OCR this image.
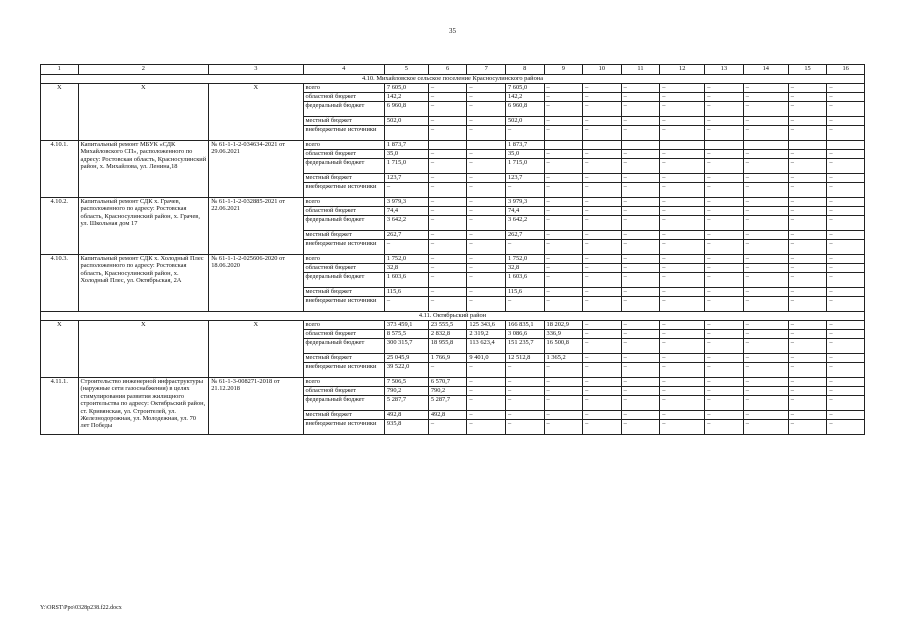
35
1	2	3	4	5	6	7	8	9	10	11	12	13	14	15	16
4.10. Михайловское сельское поселение Красносулинского района															
Х	Х	Х	всего	7 605,0	–	–	7 605,0	–	–	–	–	–	–	–	–
			областной бюджет	142,2	–	–	142,2	–	–	–	–	–	–	–	–
			федеральный бюджет	6 960,8	–	–	6 960,8	–	–	–	–	–	–	–	–
			местный бюджет	502,0	–	–	502,0	–	–	–	–	–	–	–	–
			внебюджетные источники		–	–	–	–	–	–	–	–	–	–	–
4.10.1.	Капитальный ремонт МБУК «СДК Михайловского СП», расположенного по адресу: Ростовская область, Красносулинский район, х. Михайлова, ул. Ленина,18	№ 61-1-1-2-034634-2021 от 29.06.2021	всего	1 873,7			1 873,7								
			областной бюджет	35,0	–	–	35,0	–	–	–	–	–	–	–	–
			федеральный бюджет	1 715,0	–	–	1 715,0	–	–	–	–	–	–	–	–
			местный бюджет	123,7	–	–	123,7	–	–	–	–	–	–	–	–
			внебюджетные источники	–	–	–	–	–	–	–	–	–	–	–	–
4.10.2.	Капитальный ремонт СДК х. Грачев, расположенного по адресу: Ростовская область, Красносулинский район, х. Грачев, ул. Школьная дом 17	№ 61-1-1-2-032885-2021 от 22.06.2021	всего	3 979,3	–	–	3 979,3	–	–	–	–	–	–	–	–
			областной бюджет	74,4	–	–	74,4	–	–	–	–	–	–	–	–
			федеральный бюджет	3 642,2	–	–	3 642,2	–	–	–	–	–	–	–	–
			местный бюджет	262,7	–	–	262,7	–	–	–	–	–	–	–	–
			внебюджетные источники	–	–	–	–	–	–	–	–	–	–	–	–
4.10.3.	Капитальный ремонт СДК х. Холодный Плес расположенного по адресу: Ростовская область, Красносулинский район, х. Холодный Плес, ул. Октябрьская, 2А	№ 61-1-1-2-025606-2020 от 18.06.2020	всего	1 752,0	–	–	1 752,0	–	–	–	–	–	–	–	–
			областной бюджет	32,8	–	–	32,8	–	–	–	–	–	–	–	–
			федеральный бюджет	1 603,6	–	–	1 603,6	–	–	–	–	–	–	–	–
			местный бюджет	115,6	–	–	115,6	–	–	–	–	–	–	–	–
			внебюджетные источники	–	–	–	–	–	–	–	–	–	–	–	–
4.11. Октябрьский район															
Х	Х	Х	всего	373 459,1	23 555,5	125 343,6	166 835,1	18 202,9	–	–	–	–	–	–	–
			областной бюджет	8 575,5	2 832,8	2 319,2	3 086,6	336,9	–	–	–	–	–	–	–
			федеральный бюджет	300 315,7	18 955,8	113 623,4	151 235,7	16 500,8	–	–	–	–	–	–	–
			местный бюджет	25 045,9	1 766,9	9 401,0	12 512,8	1 365,2	–	–	–	–	–	–	–
			внебюджетные источники	39 522,0	–	–	–	–	–	–	–	–	–	–	–
4.11.1.	Строительство инженерной инфраструктуры (наружные сети газоснабжения) в целях стимулирования развития жилищного строительства по адресу: Октябрьский район, ст. Кривянская, ул. Строителей, ул. Железнодорожная, ул. Молодежная, ул. 70 лет Победы	№ 61-1-3-008271-2018 от 21.12.2018	всего	7 506,5	6 570,7	–	–	–	–	–	–	–	–	–	–
			областной бюджет	790,2	790,2	–	–	–	–	–	–	–	–	–	–
			федеральный бюджет	5 287,7	5 287,7	–	–	–	–	–	–	–	–	–	–
			местный бюджет	492,8	492,8	–	–	–	–	–	–	–	–	–	–
			внебюджетные источники	935,8	–	–	–	–	–	–	–	–	–	–	–
Y:\ORST\Ppo\0328p238.f22.docx
